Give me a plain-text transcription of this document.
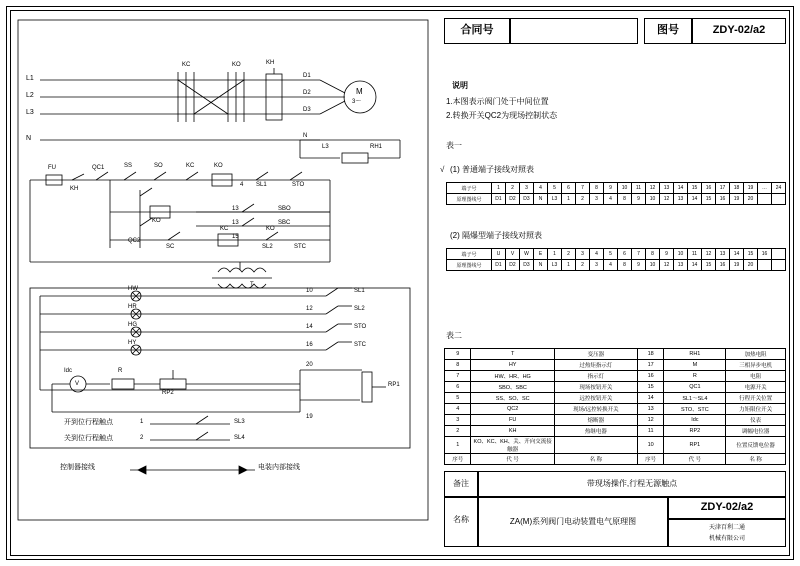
L1
L2
L3
N
KC	KO	KH
D1
D2
D3
N
M
3～
L3	RH1
FU
KH
QC1	SS	SO	KC	KO
SL1	STO
4
KO
QC2
SBO
SBC
13
13
15
SC
KC	KO
STC
SL2
T
HW
HR
HG
HY
10
12
14
16
20
19
SL1
SL2
STO
STC
Idc
V
R
RP2
RP1
开到位行程触点
关到位行程触点
1
2
SL3
SL4
控制器接线	电装内部接线
合同号	图号	ZDY-02/a2
说明
1.本图表示阀门处于中间位置
2.转换开关QC2为现场控制状态
表一
√ (1) 普通端子接线对照表
端子号	1	2	3	4	5	6	7	8	9	10	11	12	13	14	15	16	17	18	19	…	24
原理图线号	D1	D2	D3	N	L3	1	2	3	4	8	9	10	12	13	14	15	16	19	20		
(2) 隔爆型端子接线对照表
端子号	U	V	W	E	1	2	3	4	5	6	7	8	9	10	11	12	13	14	15	16	
原理图线号	D1	D2	D3	N	L3	1	2	3	4	8	9	10	12	13	14	15	16	19	20		
表二
9	T	变压器	18	RH1	加热电阻
8	HY	过热矩指示灯	17	M	三相异步电机
7	HW、HR、HG	指示灯	16	R	电阻
6	SBO、SBC	现场按钮开关	15	QC1	电源开关
5	SS、SO、SC	远控按钮开关	14	SL1～SL4	行程开关位置
4	QC2	现场/远控转换开关	13	STO、STC	力矩限位开关
3	FU	熔断器	12	Idc	仪表
2	KH	热继电器	11	RP2	调幅电位器
1	KO、KC、KH、关、开向交流接触器		10	RP1	位置反馈电位器
序号	代 号	名 称	序号	代 号	名 称
备注	带现场操作,行程无源触点
名称	ZA(M)系列阀门电动装置电气原理图
ZDY-02/a2
天津百利二通
机械有限公司
